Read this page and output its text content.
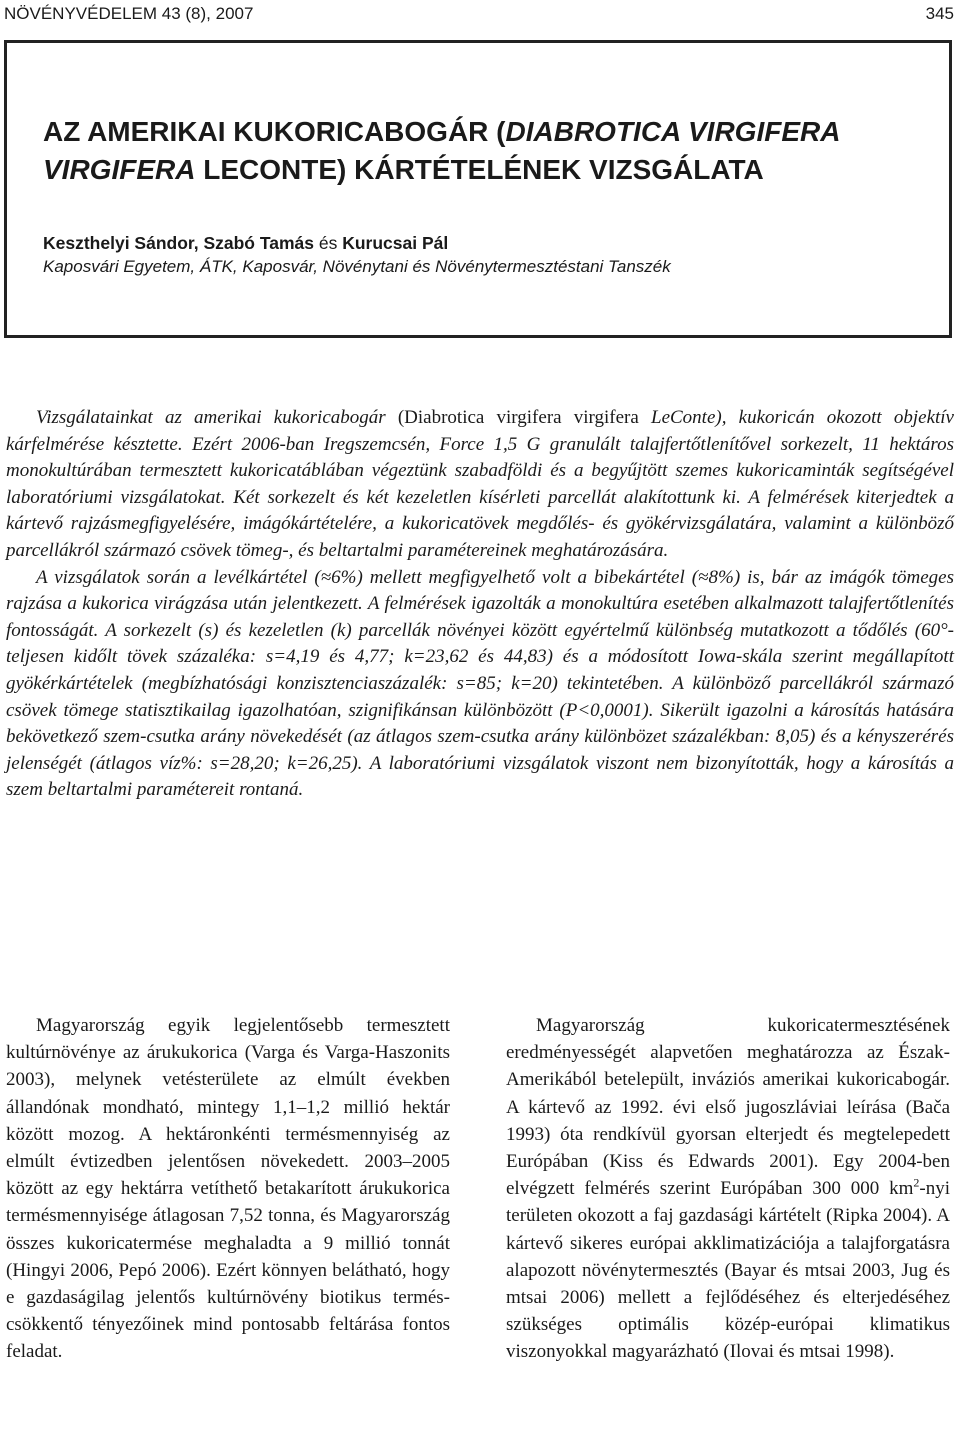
NÖVÉNYVÉDELEM 43 (8), 2007	345
AZ AMERIKAI KUKORICABOGÁR (DIABROTICA VIRGIFERA
VIRGIFERA LECONTE) KÁRTÉTELÉNEK VIZSGÁLATA
Keszthelyi Sándor, Szabó Tamás és Kurucsai Pál
Kaposvári Egyetem, ÁTK, Kaposvár, Növénytani és Növénytermesztéstani Tanszék

Vizsgálatainkat az amerikai kukoricabogár (Diabrotica virgifera virgifera LeConte), kukoricán okozott objektív kárfelmérése késztette. Ezért 2006-ban Iregszemcsén, Force 1,5 G granulált talajfertőtlenítővel sorkezelt, 11 hektáros monokultúrában termesztett kukoricatáblában végeztünk szabadföldi és a begyűjtött szemes kukoricaminták segítségével laboratóriumi vizsgálatokat. Két sorkezelt és két kezeletlen kísérleti parcellát alakítottunk ki. A felmérések kiterjedtek a kártevő rajzásmegfigyelésére, imágókártételére, a kukoricatövek megdőlés- és gyökérvizsgálatára, valamint a különböző parcellákról származó csövek tömeg-, és beltartalmi paramétereinek meghatározására.

A vizsgálatok során a levélkártétel (≈6%) mellett megfigyelhető volt a bibekártétel (≈8%) is, bár az imágók tömeges rajzása a kukorica virágzása után jelentkezett. A felmérések igazolták a monokultúra esetében alkalmazott talajfertőtlenítés fontosságát. A sorkezelt (s) és kezeletlen (k) parcellák növényei között egyértelmű különbség mutatkozott a tődőlés (60°-teljesen kidőlt tövek százaléka: s=4,19 és 4,77; k=23,62 és 44,83) és a módosított Iowa-skála szerint megállapított gyökérkártételek (megbízhatósági konzisztenciaszázalék: s=85; k=20) tekintetében. A különböző parcellákról származó csövek tömege statisztikailag igazolhatóan, szignifikánsan különbözött (P<0,0001). Sikerült igazolni a károsítás hatására bekövetkező szem-csutka arány növekedését (az átlagos szem-csutka arány különbözet százalékban: 8,05) és a kényszerérés jelenségét (átlagos víz%: s=28,20; k=26,25). A laboratóriumi vizsgálatok viszont nem bizonyították, hogy a károsítás a szem beltartalmi paramétereit rontaná.

Magyarország egyik legjelentősebb termesztett kultúrnövénye az árukukorica (Varga és Varga-Haszonits 2003), melynek vetésterülete az elmúlt években állandónak mondható, mintegy 1,1–1,2 millió hektár között mozog. A hektáronkénti termésmennyiség az elmúlt évtizedben jelentősen növekedett. 2003–2005 között az egy hektárra vetíthető betakarított árukukorica termésmennyisége átlagosan 7,52 tonna, és Magyarország összes kukoricatermése meghaladta a 9 millió tonnát (Hingyi 2006, Pepó 2006). Ezért könnyen belátható, hogy e gazdaságilag jelentős kultúrnövény biotikus termés-csökkentő tényezőinek mind pontosabb feltárása fontos feladat.

Magyarország kukoricatermesztésének eredményességét alapvetően meghatározza az Észak-Amerikából betelepült, inváziós amerikai kukoricabogár. A kártevő az 1992. évi első jugoszláviai leírása (Bača 1993) óta rendkívül gyorsan elterjedt és megtelepedett Európában (Kiss és Edwards 2001). Egy 2004-ben elvégzett felmérés szerint Európában 300 000 $km^2$-nyi területen okozott a faj gazdasági kártételt (Ripka 2004). A kártevő sikeres európai akklimatizációja a talajforgatásra alapozott növénytermesztés (Bayar és mtsai 2003, Jug és mtsai 2006) mellett a fejlődéséhez és elterjedéséhez szükséges optimális közép-európai klimatikus viszonyokkal magyarázható (Ilovai és mtsai 1998).
